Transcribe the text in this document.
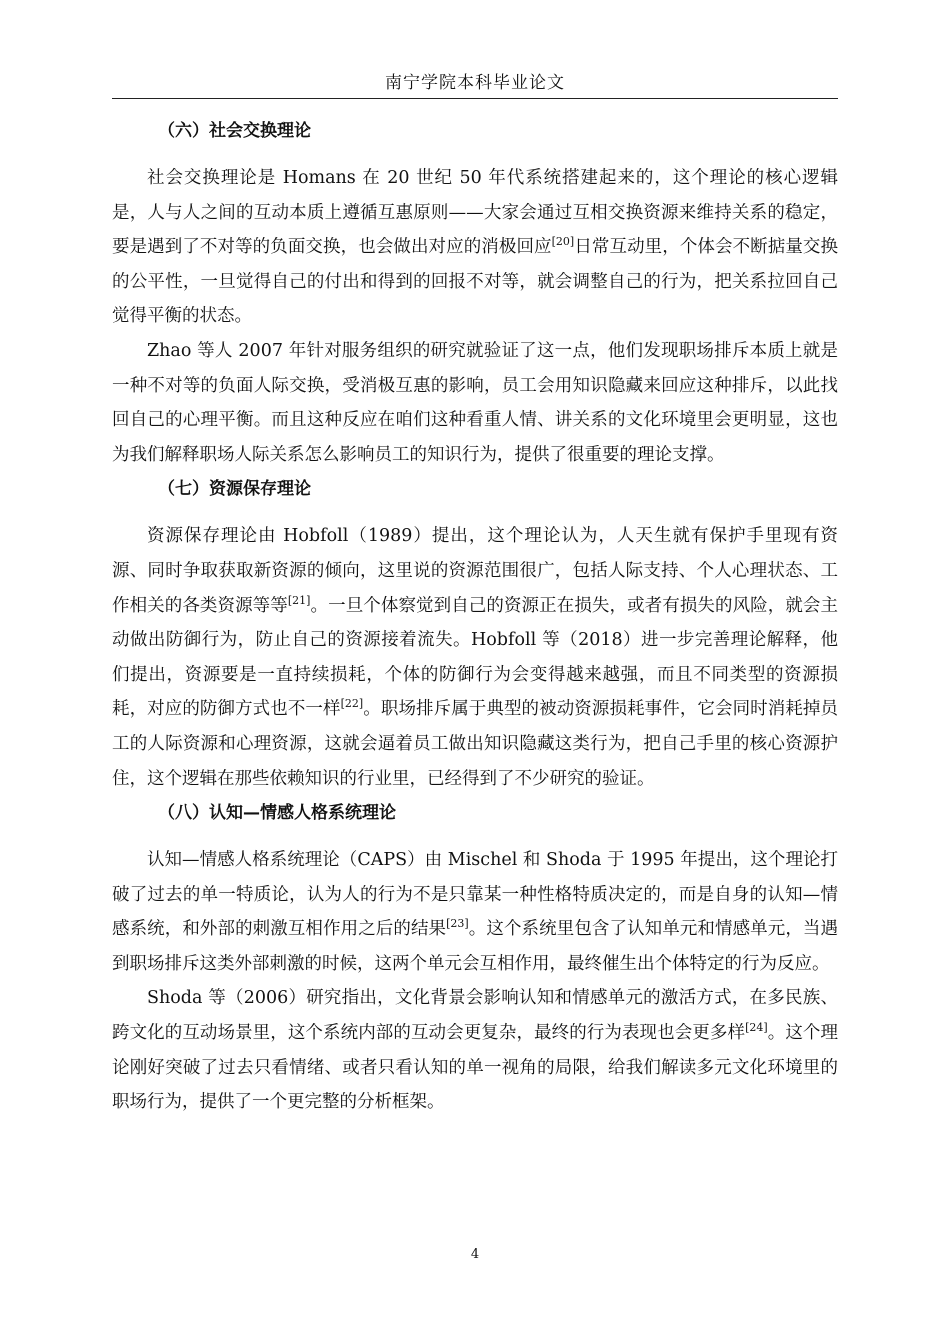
南宁学院本科毕业论文
（六）社会交换理论

社会交换理论是 Homans 在 20 世纪 50 年代系统搭建起来的，这个理论的核心逻辑是，人与人之间的互动本质上遵循互惠原则——大家会通过互相交换资源来维持关系的稳定，要是遇到了不对等的负面交换，也会做出对应的消极回应[20]日常互动里，个体会不断掂量交换的公平性，一旦觉得自己的付出和得到的回报不对等，就会调整自己的行为，把关系拉回自己觉得平衡的状态。

Zhao 等人 2007 年针对服务组织的研究就验证了这一点，他们发现职场排斥本质上就是一种不对等的负面人际交换，受消极互惠的影响，员工会用知识隐藏来回应这种排斥，以此找回自己的心理平衡。而且这种反应在咱们这种看重人情、讲关系的文化环境里会更明显，这也为我们解释职场人际关系怎么影响员工的知识行为，提供了很重要的理论支撑。

（七）资源保存理论

资源保存理论由 Hobfoll（1989）提出，这个理论认为，人天生就有保护手里现有资源、同时争取获取新资源的倾向，这里说的资源范围很广，包括人际支持、个人心理状态、工作相关的各类资源等等[21]。一旦个体察觉到自己的资源正在损失，或者有损失的风险，就会主动做出防御行为，防止自己的资源接着流失。Hobfoll 等（2018）进一步完善理论解释，他们提出，资源要是一直持续损耗，个体的防御行为会变得越来越强，而且不同类型的资源损耗，对应的防御方式也不一样[22]。职场排斥属于典型的被动资源损耗事件，它会同时消耗掉员工的人际资源和心理资源，这就会逼着员工做出知识隐藏这类行为，把自己手里的核心资源护住，这个逻辑在那些依赖知识的行业里，已经得到了不少研究的验证。

（八）认知—情感人格系统理论

认知—情感人格系统理论（CAPS）由 Mischel 和 Shoda 于 1995 年提出，这个理论打破了过去的单一特质论，认为人的行为不是只靠某一种性格特质决定的，而是自身的认知—情感系统，和外部的刺激互相作用之后的结果[23]。这个系统里包含了认知单元和情感单元，当遇到职场排斥这类外部刺激的时候，这两个单元会互相作用，最终催生出个体特定的行为反应。

Shoda 等（2006）研究指出，文化背景会影响认知和情感单元的激活方式，在多民族、跨文化的互动场景里，这个系统内部的互动会更复杂，最终的行为表现也会更多样[24]。这个理论刚好突破了过去只看情绪、或者只看认知的单一视角的局限，给我们解读多元文化环境里的职场行为，提供了一个更完整的分析框架。

4
